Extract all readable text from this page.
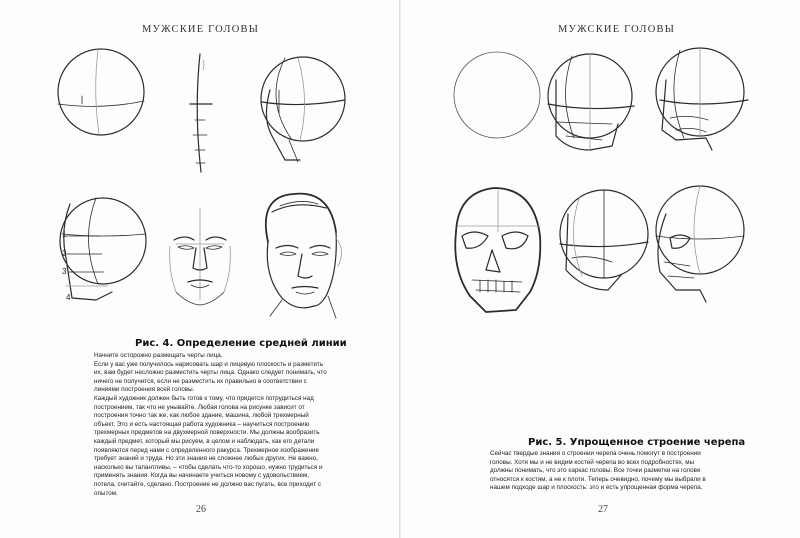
МУЖСКИЕ ГОЛОВЫ
Рис. 4. Определение средней линии

Начните осторожно размещать черты лица.

Если у вас уже получилось нарисовать шар и лицевую плоскость и разметить их, вам будет несложно разместить черты лица. Однако следует понимать, что ничего не получится, если не разместить их правильно в соответствии с линиями построения всей головы.

Каждый художник должен быть готов к тому, что придется потрудиться над построением, так что не унывайте. Любая голова на рисунке зависит от построения точно так же, как любое здание, машина, любой трехмерный объект. Это и есть настоящая работа художника – научиться построению трехмерных предметов на двухмерной поверхности. Мы должны вообразить каждый предмет, который мы рисуем, в целом и наблюдать, как его детали появляются перед нами с определенного ракурса. Трехмерное изображение требует знаний и труда. Но эти знания не сложнее любых других. Не важно, насколько вы талантливы, – чтобы сделать что-то хорошо, нужно трудиться и применять знания. Когда вы начинаете учиться новому с удовольствием, потела, считайте, сделано. Построение не должно вас пугать, все приходит с опытом.

26
МУЖСКИЕ ГОЛОВЫ
Рис. 5. Упрощенное строение черепа

Сейчас твердые знания о строении черепа очень помогут в построении головы. Хотя мы и не видим костей черепа во всех подробностях, мы должны понимать, что это каркас головы. Все точки разметки на голове относятся к костям, а не к плоти. Теперь очевидно, почему мы выбрали в нашем подходе шар и плоскость: это и есть упрощенная форма черепа.

27
1
2
3
4
